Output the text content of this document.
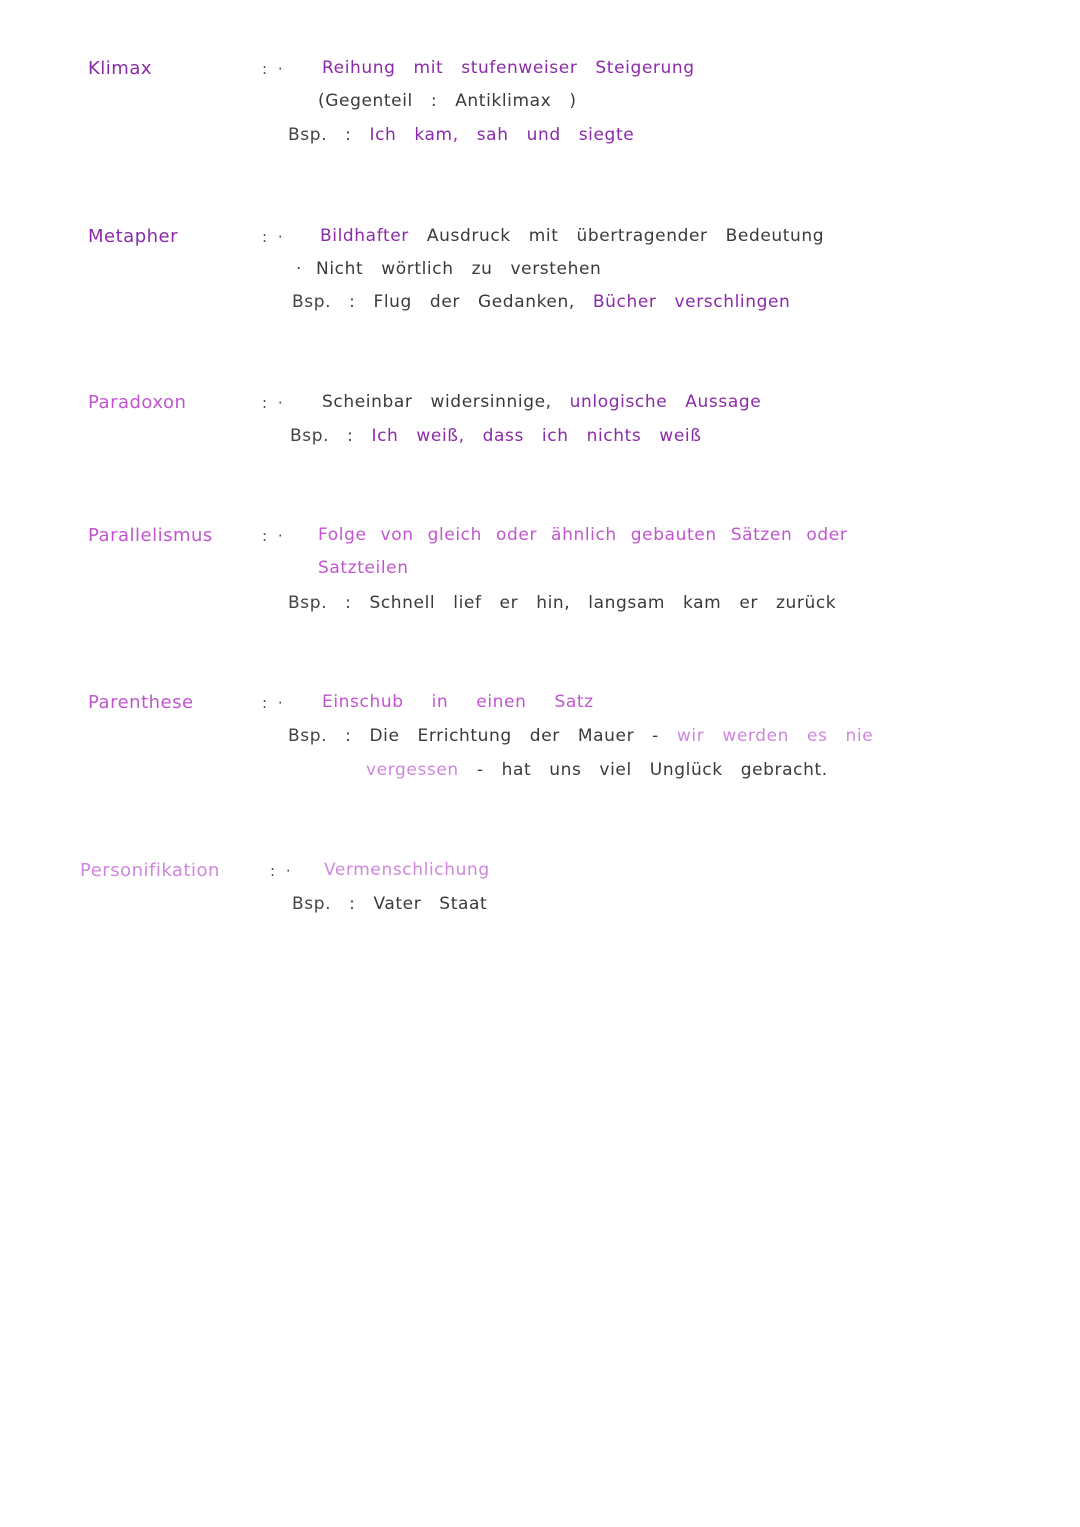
Klimax	: · Reihung mit stufenweiser Steigerung
(Gegenteil : Antiklimax )
Bsp. : Ich kam, sah und siegte
Metapher	: · Bildhafter Ausdruck mit übertragender Bedeutung
· Nicht wörtlich zu verstehen
Bsp. : Flug der Gedanken, Bücher verschlingen
Paradoxon	: · Scheinbar widersinnige, unlogische Aussage
Bsp. : Ich weiß, dass ich nichts weiß
Parallelismus	: · Folge von gleich oder ähnlich gebauten Sätzen oder
Satzteilen
Bsp. : Schnell lief er hin, langsam kam er zurück
Parenthese	: · Einschub in einen Satz
Bsp. : Die Errichtung der Mauer - wir werden es nie
vergessen - hat uns viel Unglück gebracht.
Personifikation	: · Vermenschlichung
Bsp. : Vater Staat
